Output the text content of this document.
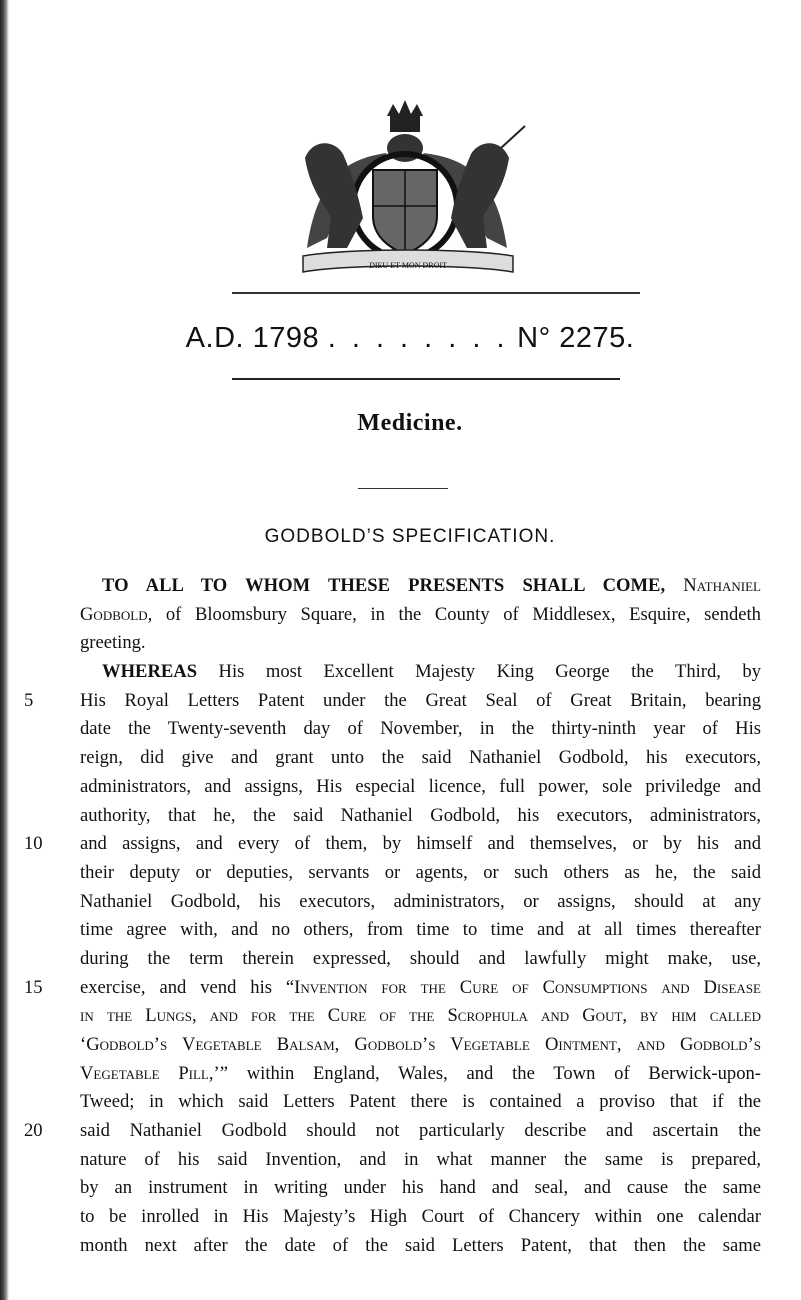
DIEU ET MON DROIT
A.D. 1798 . . . . . . . . N° 2275.
Medicine.
GODBOLD’S SPECIFICATION.
TO ALL TO WHOM THESE PRESENTS SHALL COME, Nathaniel
Godbold, of Bloomsbury Square, in the County of Middlesex, Esquire, sendeth
greeting.
WHEREAS His most Excellent Majesty King George the Third, by
5	His Royal Letters Patent under the Great Seal of Great Britain, bearing
date the Twenty-seventh day of November, in the thirty-ninth year of His
reign, did give and grant unto the said Nathaniel Godbold, his executors,
administrators, and assigns, His especial licence, full power, sole priviledge and
authority, that he, the said Nathaniel Godbold, his executors, administrators,
10	and assigns, and every of them, by himself and themselves, or by his and
their deputy or deputies, servants or agents, or such others as he, the said
Nathaniel Godbold, his executors, administrators, or assigns, should at any
time agree with, and no others, from time to time and at all times thereafter
during the term therein expressed, should and lawfully might make, use,
15	exercise, and vend his “Invention for the Cure of Consumptions and Disease
in the Lungs, and for the Cure of the Scrophula and Gout, by him called
‘Godbold’s Vegetable Balsam, Godbold’s Vegetable Ointment, and Godbold’s
Vegetable Pill,’” within England, Wales, and the Town of Berwick-upon-
Tweed; in which said Letters Patent there is contained a proviso that if the
20	said Nathaniel Godbold should not particularly describe and ascertain the
nature of his said Invention, and in what manner the same is prepared,
by an instrument in writing under his hand and seal, and cause the same
to be inrolled in His Majesty’s High Court of Chancery within one calendar
month next after the date of the said Letters Patent, that then the same
